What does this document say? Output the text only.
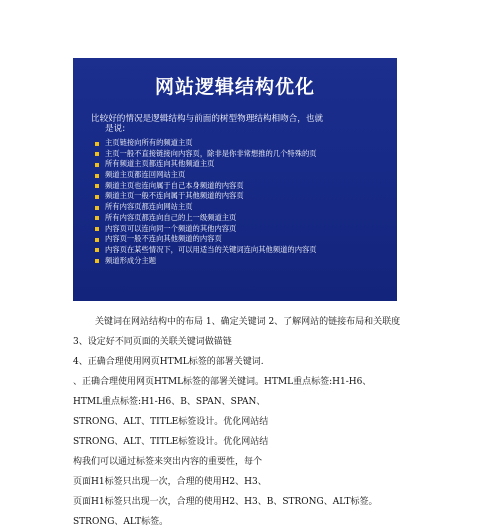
网站逻辑结构优化
比较好的情况是逻辑结构与前面的树型物理结构相吻合，也就
是说:
主页链接向所有的频道主页
主页一般不直接链接向内容页，除非是你非常想推的几个特殊的页
所有频道主页都连向其他频道主页
频道主页都连回网站主页
频道主页也连向属于自己本身频道的内容页
频道主页一般不连向属于其他频道的内容页
所有内容页都连向网站主页
所有内容页都连向自己的上一级频道主页
内容页可以连向同一个频道的其他内容页
内容页一般不连向其他频道的内容页
内容页在某些情况下，可以用适当的关键词连向其他频道的内容页
频道形成分主题
关键词在网站结构中的布局 1、确定关键词 2、了解网站的链接布局和关联度
3、设定好不同页面的关联关键词做锚链
4、正确合理使用网页HTML标签的部署关键词.
、正确合理使用网页HTML标签的部署关键词。HTML重点标签:H1-H6、
HTML重点标签:H1-H6、B、SPAN、SPAN、
STRONG、ALT、TITLE标签设计。优化网站结
STRONG、ALT、TITLE标签设计。优化网站结
构我们可以通过标签来突出内容的重要性，每个
页面H1标签只出现一次，合理的使用H2、H3、
页面H1标签只出现一次，合理的使用H2、H3、B、STRONG、ALT标签。
STRONG、ALT标签。
